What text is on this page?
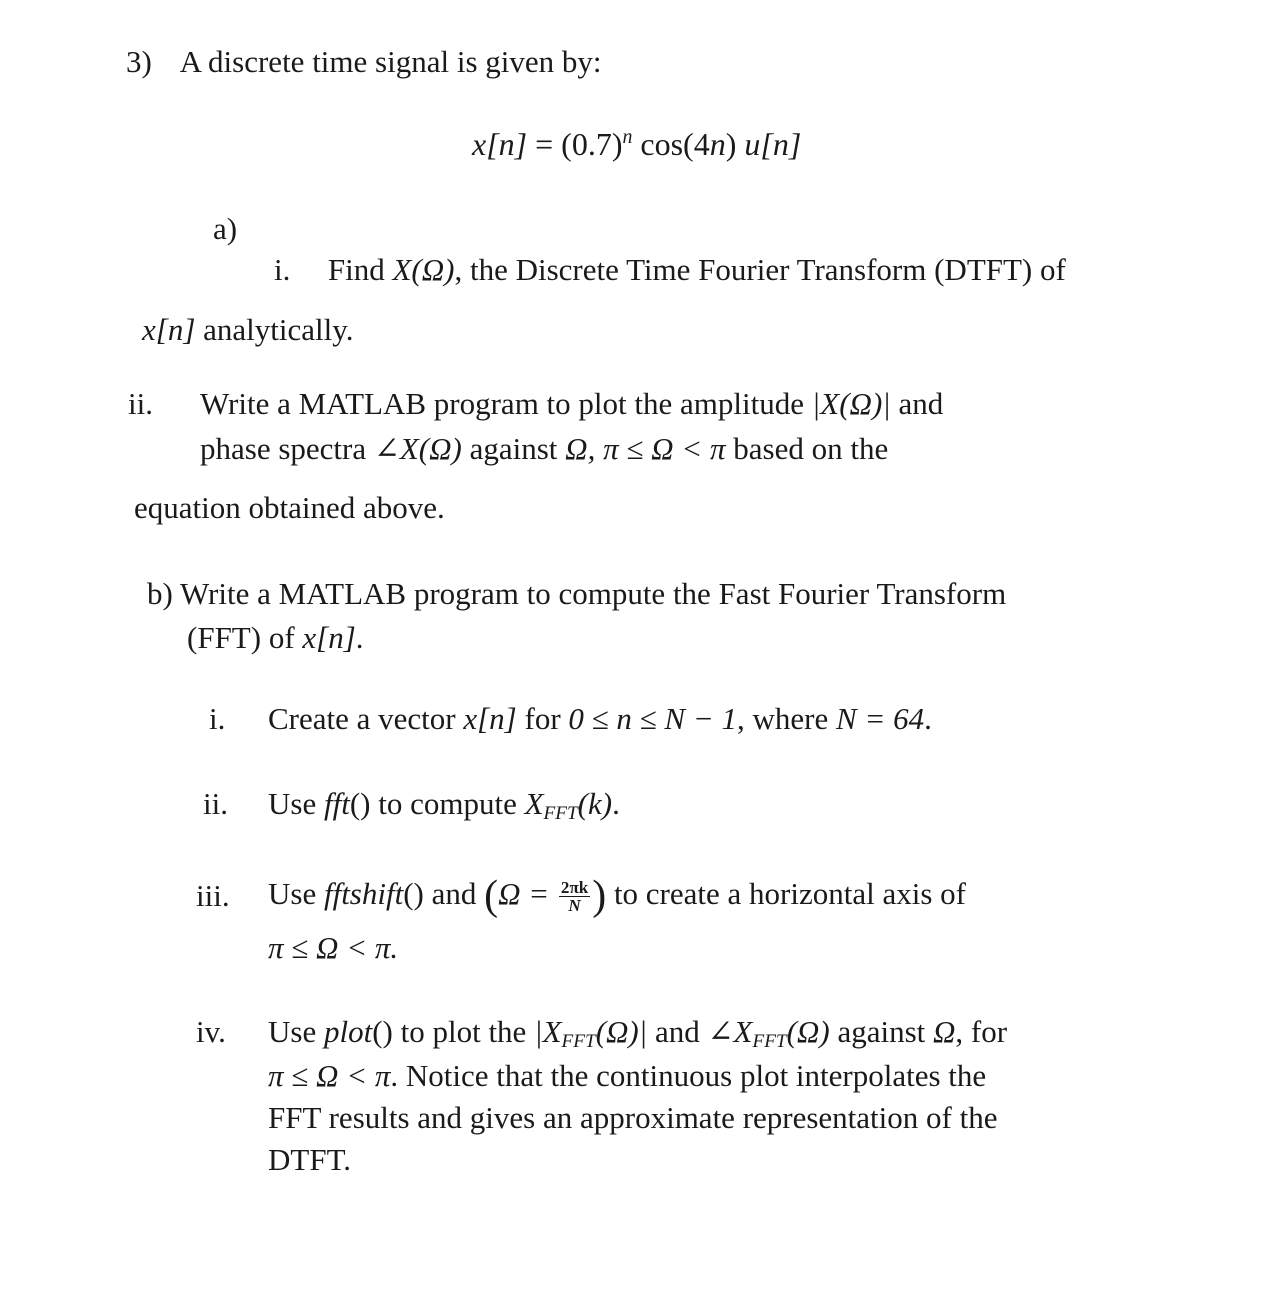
3) A discrete time signal is given by:
$x[n] = (0.7)^n$ cos(4n) u[n]
a)
i. Find X(Ω), the Discrete Time Fourier Transform (DTFT) of
x[n] analytically.
ii. Write a MATLAB program to plot the amplitude |X(Ω)| and
phase spectra ∠X(Ω) against Ω, π ≤ Ω < π based on the
equation obtained above.
b) Write a MATLAB program to compute the Fast Fourier Transform
(FFT) of x[n].
i. Create a vector x[n] for 0 ≤ n ≤ N − 1, where N = 64.
ii. Use fft() to compute $X_{FFT}(k)$.
iii. Use fftshift() and ($\Omega = \frac{2\pi k}{N}$ ) to create a horizontal axis of
π ≤ Ω < π.
iv. Use plot() to plot the $|X_{FFT}(\Omega)|$ and $\angle X_{FFT}(\Omega)$ against Ω, for
π ≤ Ω < π. Notice that the continuous plot interpolates the
FFT results and gives an approximate representation of the
DTFT.
